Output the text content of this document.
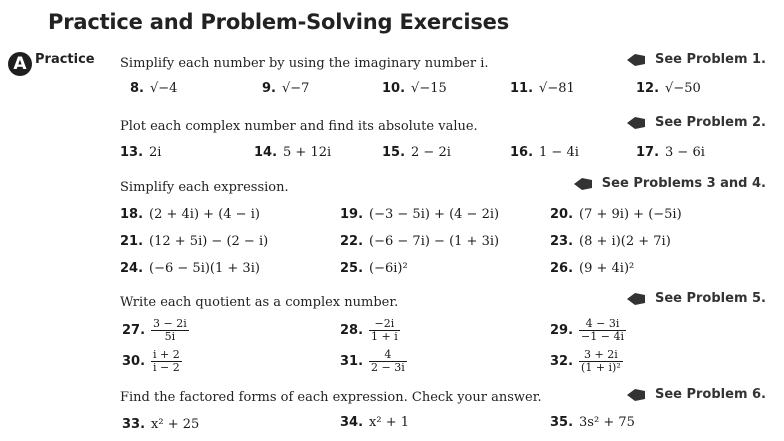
Practice and Problem-Solving Exercises
A Practice Simplify each number by using the imaginary number i.	See Problem 1.
8. √−4	9. √−7	10. √−15	11. √−81	12. √−50
Plot each complex number and find its absolute value.	See Problem 2.
13. 2i	14. 5 + 12i	15. 2 − 2i	16. 1 − 4i	17. 3 − 6i
Simplify each expression.	See Problems 3 and 4.
18. (2 + 4i) + (4 − i)	19. (−3 − 5i) + (4 − 2i)	20. (7 + 9i) + (−5i)
21. (12 + 5i) − (2 − i)	22. (−6 − 7i) − (1 + 3i)	23. (8 + i)(2 + 7i)
24. (−6 − 5i)(1 + 3i)	25. (−6i)²	26. (9 + 4i)²
Write each quotient as a complex number.	See Problem 5.
27. $\frac{3 - 2i}{5i}$	28. $\frac{-2i}{1 + i}$	29. $\frac{4 - 3i}{-1 - 4i}$
30. $\frac{i + 2}{i - 2}$	31. $\frac{4}{2 - 3i}$	32. $\frac{3 + 2i}{\text{(1 + i)²}}$
Find the factored forms of each expression. Check your answer.	See Problem 6.
33. x² + 25	34. x² + 1	35. 3s² + 75
